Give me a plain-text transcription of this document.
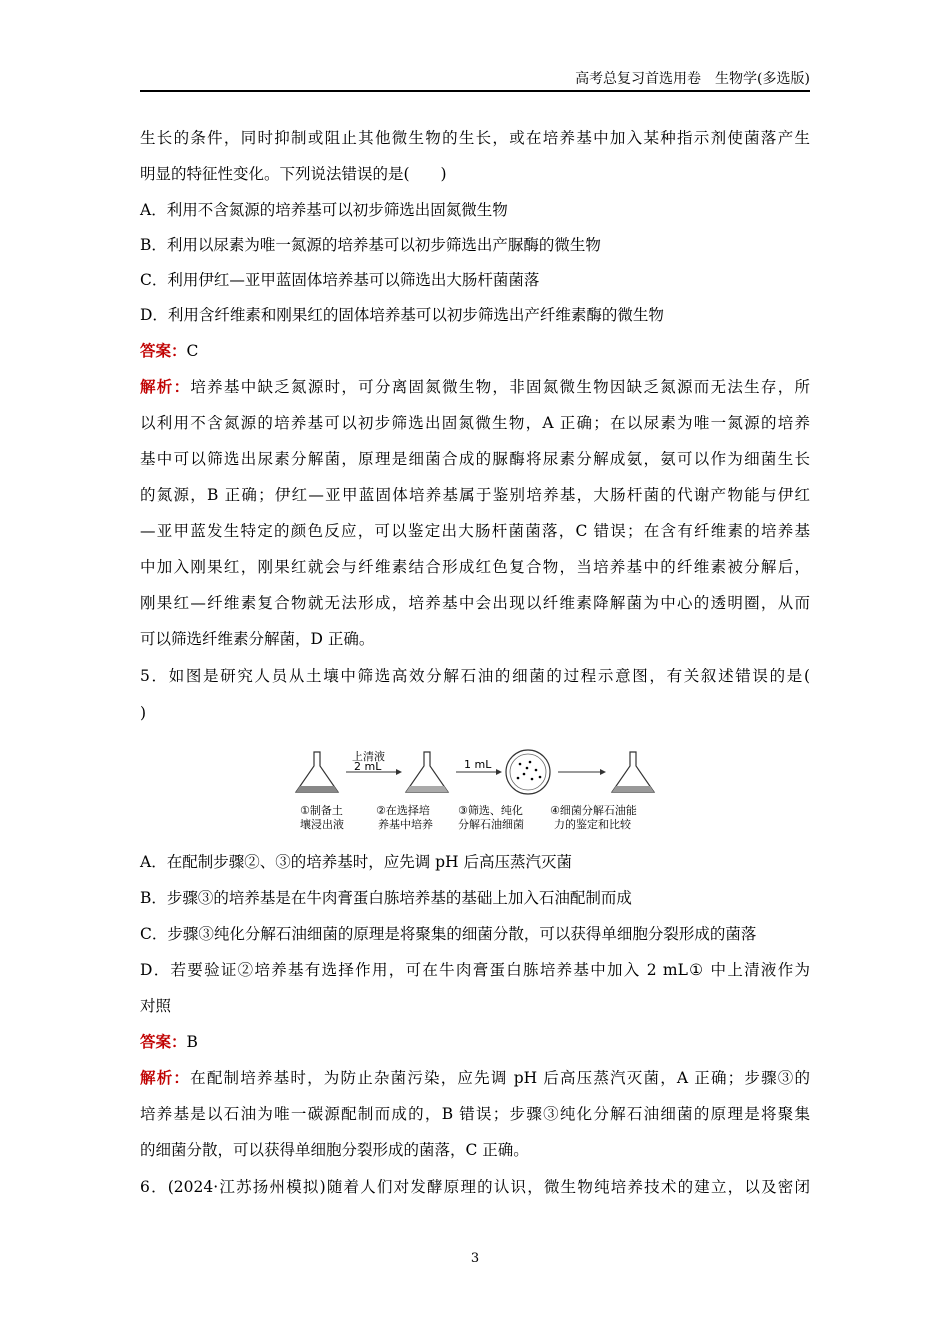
高考总复习首选用卷　生物学(多选版)
生长的条件，同时抑制或阻止其他微生物的生长，或在培养基中加入某种指示剂使菌落产生
明显的特征性变化。下列说法错误的是(　　)
A．利用不含氮源的培养基可以初步筛选出固氮微生物
B．利用以尿素为唯一氮源的培养基可以初步筛选出产脲酶的微生物
C．利用伊红—亚甲蓝固体培养基可以筛选出大肠杆菌菌落
D．利用含纤维素和刚果红的固体培养基可以初步筛选出产纤维素酶的微生物
答案：C
解析：培养基中缺乏氮源时，可分离固氮微生物，非固氮微生物因缺乏氮源而无法生存，所
以利用不含氮源的培养基可以初步筛选出固氮微生物，A 正确；在以尿素为唯一氮源的培养
基中可以筛选出尿素分解菌，原理是细菌合成的脲酶将尿素分解成氨，氨可以作为细菌生长
的氮源，B 正确；伊红—亚甲蓝固体培养基属于鉴别培养基，大肠杆菌的代谢产物能与伊红
—亚甲蓝发生特定的颜色反应，可以鉴定出大肠杆菌菌落，C 错误；在含有纤维素的培养基
中加入刚果红，刚果红就会与纤维素结合形成红色复合物，当培养基中的纤维素被分解后，
刚果红—纤维素复合物就无法形成，培养基中会出现以纤维素降解菌为中心的透明圈，从而
可以筛选纤维素分解菌，D 正确。
5．如图是研究人员从土壤中筛选高效分解石油的细菌的过程示意图，有关叙述错误的是(
)
上清液
2 mL	1 mL
①制备土
壤浸出液
②在选择培
养基中培养
③筛选、纯化
分解石油细菌
④细菌分解石油能
力的鉴定和比较
A．在配制步骤②、③的培养基时，应先调 pH 后高压蒸汽灭菌
B．步骤③的培养基是在牛肉膏蛋白胨培养基的基础上加入石油配制而成
C．步骤③纯化分解石油细菌的原理是将聚集的细菌分散，可以获得单细胞分裂形成的菌落
D．若要验证②培养基有选择作用，可在牛肉膏蛋白胨培养基中加入 2 mL① 中上清液作为
对照
答案：B
解析：在配制培养基时，为防止杂菌污染，应先调 pH 后高压蒸汽灭菌，A 正确；步骤③的
培养基是以石油为唯一碳源配制而成的，B 错误；步骤③纯化分解石油细菌的原理是将聚集
的细菌分散，可以获得单细胞分裂形成的菌落，C 正确。
6．(2024·江苏扬州模拟)随着人们对发酵原理的认识，微生物纯培养技术的建立，以及密闭
3
